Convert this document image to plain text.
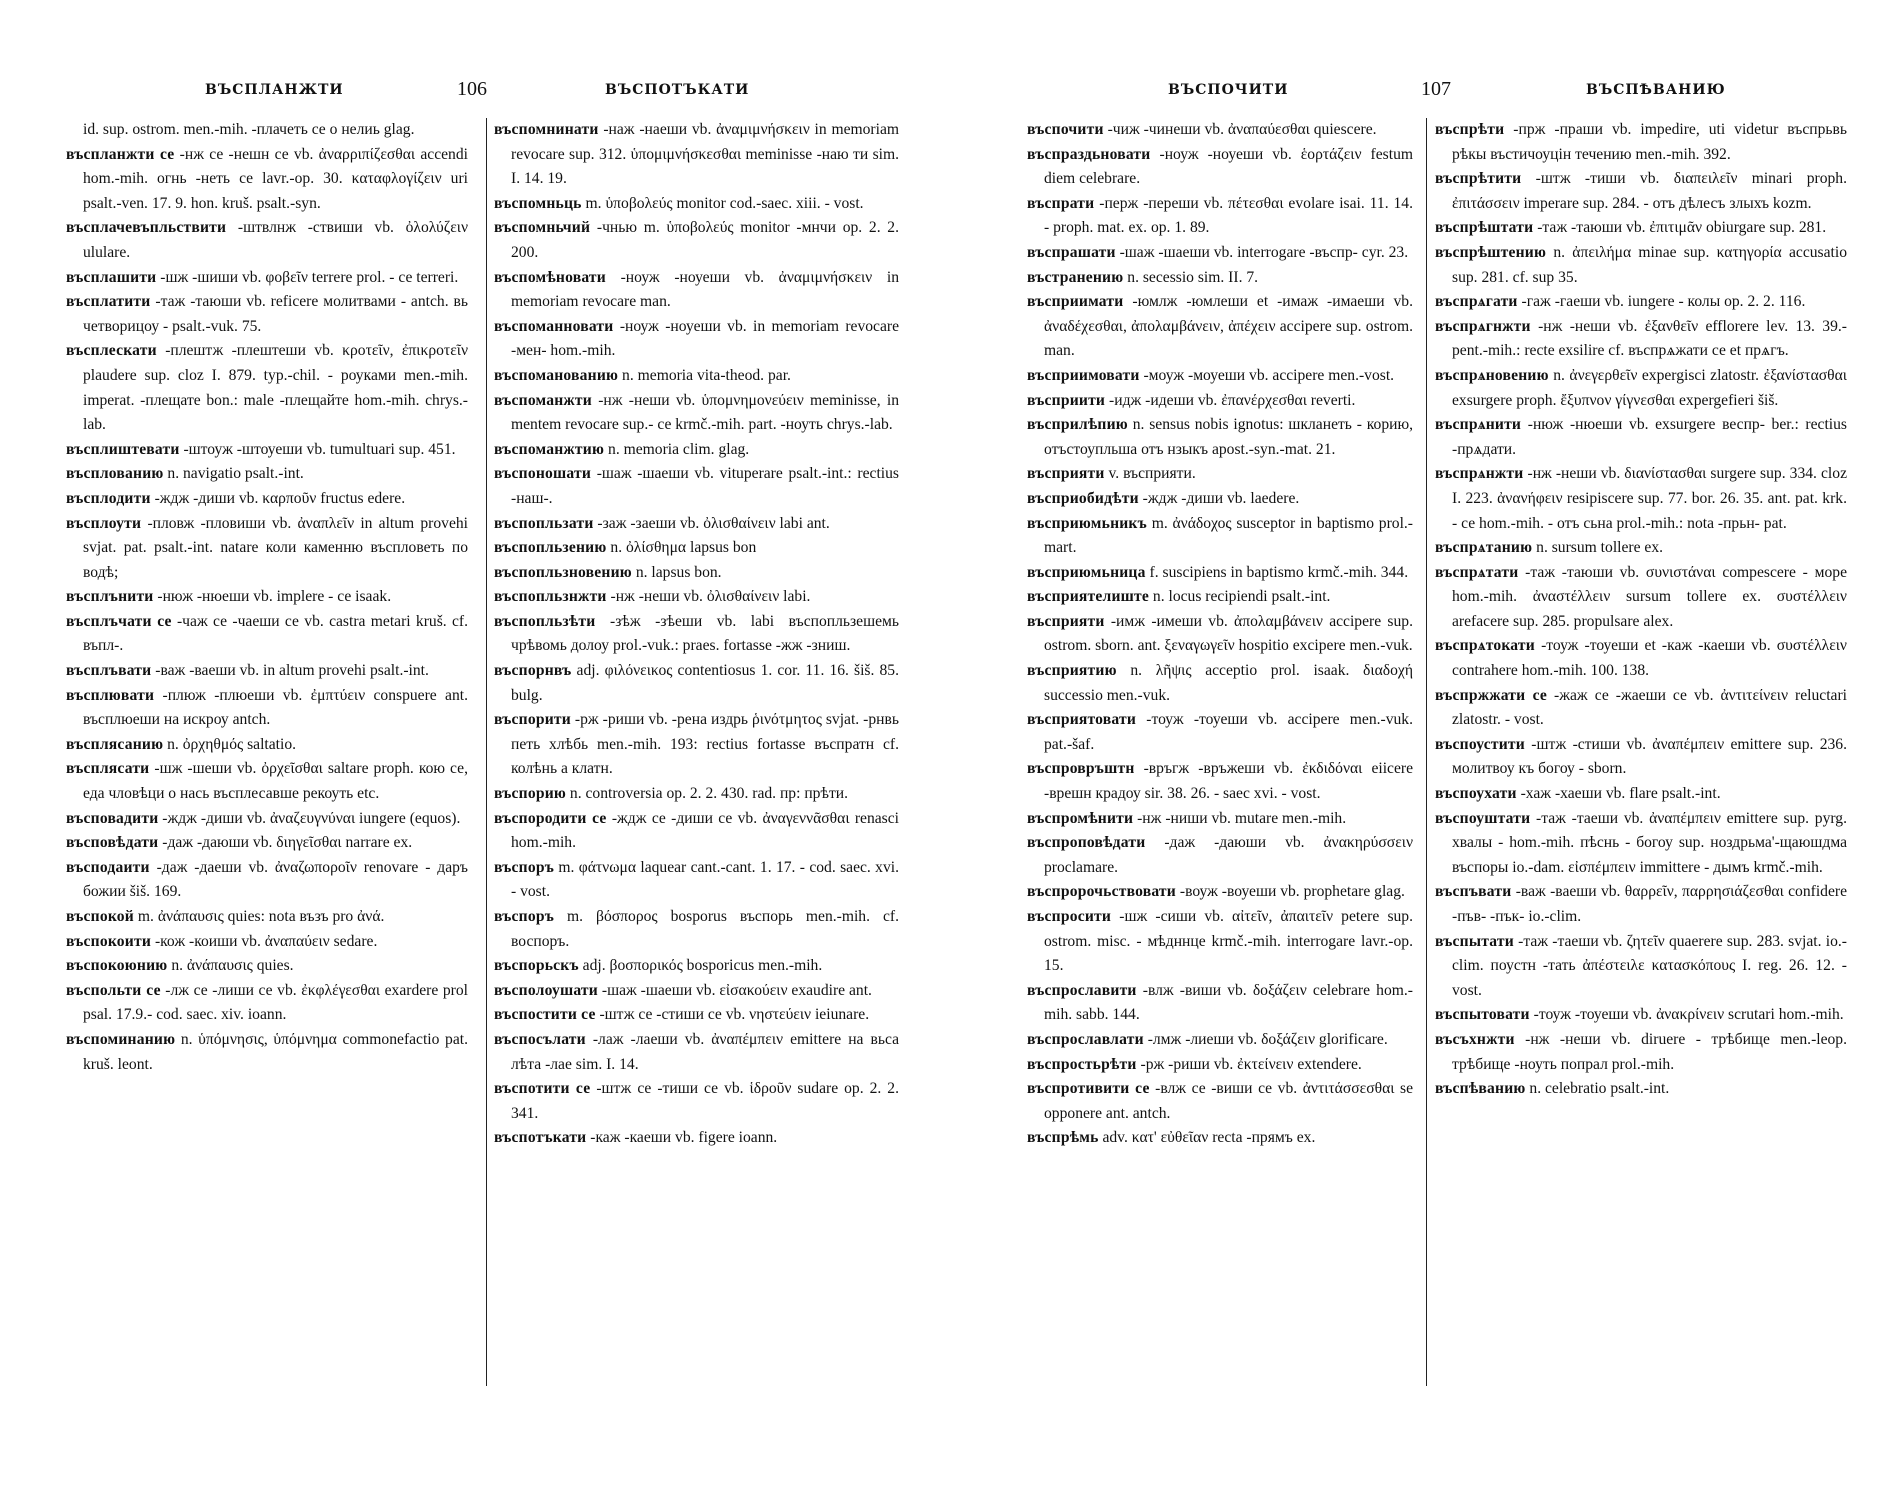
ВЪСПЛАНЖТИ	106	ВЪСПОТЪКАТИ

id. sup. ostrom. men.-mih. -плачеть се о нелиь glag.

въспланжти се -нж се -нешн се vb. ἀναρριπίζεσθαι accendi hom.-mih. огнь -неть се lavr.-op. 30. καταφλογίζειν uri psalt.-ven. 17. 9. hon. kruš. psalt.-syn.

въсплачевъпльствити -штвлнж -ствиши vb. ὀλολύζειν ululare.

въсплашити -шж -шиши vb. φοβεῖν terrere prol. - се terreri.

въсплатити -таж -таюши vb. reficere молитвами - antch. вь четворицоу - psalt.-vuk. 75.

въсплескати -плештж -плештеши vb. κροτεῖν, ἐπικροτεῖν plaudere sup. cloz I. 879. typ.-chil. - роуками men.-mih. imperat. -плещате bon.: male -плещайте hom.-mih. chrys.-lab.

въсплиштевати -штоуж -штоуеши vb. tumultuari sup. 451.

въсплованию n. navigatio psalt.-int.

въсплодити -ждж -диши vb. καρποῦν fructus edere.

въсплоути -пловж -пловиши vb. ἀναπλεῖν in altum provehi svjat. pat. psalt.-int. natare коли каменню въспловеть по водѣ;

въсплънити -нюж -нюеши vb. implere - се isaak.

въсплъчати се -чаж се -чаеши се vb. castra metari kruš. cf. въпл-.

въсплъвати -важ -ваеши vb. in altum provehi psalt.-int.

въсплювати -плюж -плюеши vb. ἐμπτύειν conspuere ant. въсплюеши на искроу antch.

въсплясанию n. ὀρχηθμός saltatio.

въсплясати -шж -шеши vb. ὀρχεῖσθαι saltare proph. кою се, еда чловѣци о нась въсплесавше рекоуть etc.

въсповадити -ждж -диши vb. ἀναζευγνύναι iungere (equos).

въсповѣдати -даж -даюши vb. διηγεῖσθαι narrare ex.

въсподаити -даж -даеши vb. ἀναζωποροῖν renovare - даръ божии šiš. 169.

въспокой m. ἀνάπαυσις quies: nota възъ pro ἀνά.

въспокоити -кож -коиши vb. ἀναπαύειν sedare.

въспокоюнию n. ἀνάπαυσις quies.

въспольти се -лж се -лиши се vb. ἐκφλέγεσθαι exardere prol psal. 17.9.- cod. saec. xiv. ioann.

въспоминанию n. ὑπόμνησις, ὑπόμνημα commonefactio pat. kruš. leont.

въспомнинати -наж -наеши vb. ἀναμιμνήσκειν in memoriam revocare sup. 312. ὑπομιμνήσκεσθαι meminisse -наю ти sim. I. 14. 19.

въспомньць m. ὑποβολεύς monitor cod.-saec. xiii. - vost.

въспомньчий -чнью m. ὑποβολεύς monitor -мнчи op. 2. 2. 200.

въспомѣновати -ноуж -ноуеши vb. ἀναμιμνήσκειν in memoriam revocare man.

въспоманновати -ноуж -ноуеши vb. in memoriam revocare -мен- hom.-mih.

въспоманованию n. memoria vita-theod. par.

въспоманжти -нж -неши vb. ὑπομνημονεύειν meminisse, in mentem revocare sup.- се krmč.-mih. part. -ноуть chrys.-lab.

въспоманжтию n. memoria clim. glag.

въспоношати -шаж -шаеши vb. vituperare psalt.-int.: rectius -наш-.

въспопльзати -заж -заеши vb. ὀλισθαίνειν labi ant.

въспопльзению n. ὀλίσθημα lapsus bon

въспопльзновению n. lapsus bon.

въспопльзнжти -нж -неши vb. ὀλισθαίνειν labi.

въспопльзѣти -зѣж -зѣеши vb. labi въспопльзешемь чрѣвомь долоу prol.-vuk.: praes. fortasse -жж -зниш.

въспорнвъ adj. φιλόνεικος contentiosus 1. cor. 11. 16. šiš. 85. bulg.

въспорити -рж -риши vb. -рена издрь ῥινότμητος svjat. -рнвь петь хлѣбь men.-mih. 193: rectius fortasse въспратн cf. колѣнь а клатн.

въспорию n. controversia op. 2. 2. 430. rad. пр: прѣти.

въспородити се -ждж се -диши се vb. ἀναγεννᾶσθαι renasci hom.-mih.

въспоръ m. φάτνωμα laquear cant.-cant. 1. 17. - cod. saec. xvi. - vost.

въспоръ m. βόσπορος bosporus въспорь men.-mih. cf. воспоръ.

въспорьскъ adj. βοσπορικός bosporicus men.-mih.

въсполоушати -шаж -шаеши vb. εἰσακούειν exaudire ant.

въспостити се -штж се -стиши се vb. νηστεύειν ieiunare.

въспосълати -лаж -лаеши vb. ἀναπέμπειν emittere на вьса лѣта -лае sim. I. 14.

въспотити се -штж се -тиши се vb. ἱδροῦν sudare op. 2. 2. 341.

въспотъкати -каж -каеши vb. figere ioann.

ВЪСПОЧИТИ	107	ВЪСПѢВАНИЮ

въспочити -чиж -чинеши vb. ἀναπαύεσθαι quiescere.

въспраздьновати -ноуж -ноуеши vb. ἑορτάζειν festum diem celebrare.

въспрати -перж -переши vb. πέτεσθαι evolare isai. 11. 14. - proph. mat. ex. op. 1. 89.

въспрашати -шаж -шаеши vb. interrogare -въспр- cyr. 23.

въстранению n. secessio sim. II. 7.

въсприимати -юмлж -юмлеши et -имаж -имаеши vb. ἀναδέχεσθαι, ἀπολαμβάνειν, ἀπέχειν accipere sup. ostrom. man.

въсприимовати -моуж -моуеши vb. accipere men.-vost.

въсприити -идж -идеши vb. ἐπανέρχεσθαι reverti.

въсприлѣпию n. sensus nobis ignotus: шкланеть - корию, отъстоупльша отъ нзыкъ apost.-syn.-mat. 21.

въсприяти v. въсприяти.

въсприобидѣти -ждж -диши vb. laedere.

въсприюмьникъ m. ἀνάδοχος susceptor in baptismo prol.-mart.

въсприюмьница f. suscipiens in baptismo krmč.-mih. 344.

въсприятелиште n. locus recipiendi psalt.-int.

въсприяти -имж -имеши vb. ἀπολαμβάνειν accipere sup. ostrom. sborn. ant. ξεναγωγεῖν hospitio excipere men.-vuk.

въсприятию n. λῆψις acceptio prol. isaak. διαδοχή successio men.-vuk.

въсприятовати -тоуж -тоуеши vb. accipere men.-vuk. pat.-šaf.

въспровръштн -връгж -връжеши vb. ἐκδιδόναι eiicere -врешн крадоу sir. 38. 26. - saec xvi. - vost.

въспромѣнити -нж -ниши vb. mutare men.-mih.

въспроповѣдати -даж -даюши vb. ἀνακηρύσσειν proclamare.

въспророчьствовати -воуж -воуеши vb. prophetare glag.

въспросити -шж -сиши vb. αἰτεῖν, ἀπαιτεῖν petere sup. ostrom. misc. - мѣдннце krmč.-mih. interrogare lavr.-op. 15.

въспрославити -влж -виши vb. δοξάζειν celebrare hom.-mih. sabb. 144.

въспрославлати -лмж -лиеши vb. δοξάζειν glorificare.

въспростьрѣти -рж -риши vb. ἐκτείνειν extendere.

въспротивити се -влж се -виши се vb. ἀντιτάσσεσθαι se opponere ant. antch.

въспрѣмь adv. κατ' εὐθεῖαν recta -прямъ ex.

въспрѣти -прж -праши vb. impedire, uti videtur въспрьвь рѣкы въстичоуцін течению men.-mih. 392.

въспрѣтити -штж -тиши vb. διαπειλεῖν minari proph. ἐπιτάσσειν imperare sup. 284. - отъ дѣлесъ злыхъ kozm.

въспрѣштати -таж -таюши vb. ἐπιτιμᾶν obiurgare sup. 281.

въспрѣштению n. ἀπειλήμα minae sup. κατηγορία accusatio sup. 281. cf. sup 35.

въспрѧгати -гаж -гаеши vb. iungere - колы op. 2. 2. 116.

въспрѧгнжти -нж -неши vb. ἐξανθεῖν efflorere lev. 13. 39.- pent.-mih.: recte exsilire cf. въспрѧжати се et прѧгъ.

въспрѧновению n. ἀνεγερθεῖν expergisci zlatostr. ἐξανίστασθαι exsurgere proph. ἔξυπνον γίγνεσθαι expergefieri šiš.

въспрѧнити -нюж -нюеши vb. exsurgere веспр- ber.: rectius -прѧдати.

въспрѧнжти -нж -неши vb. διανίστασθαι surgere sup. 334. cloz I. 223. ἀνανήφειν resipiscere sup. 77. bor. 26. 35. ant. pat. krk. - се hom.-mih. - отъ сьна prol.-mih.: nota -прьн- pat.

въспрѧтанию n. sursum tollere ex.

въспрѧтати -таж -таюши vb. συνιστάναι compescere - море hom.-mih. ἀναστέλλειν sursum tollere ex. συστέλλειν arefacere sup. 285. propulsare alex.

въспрѧтокати -тоуж -тоуеши et -каж -каеши vb. συστέλλειν contrahere hom.-mih. 100. 138.

въспржжати се -жаж се -жаеши се vb. ἀντιτείνειν reluctari zlatostr. - vost.

въспоустити -штж -стиши vb. ἀναπέμπειν emittere sup. 236. молитвоу къ богоу - sborn.

въспоухати -хаж -хаеши vb. flare psalt.-int.

въспоуштати -таж -таеши vb. ἀναπέμπειν emittere sup. pyrg. хвалы - hom.-mih. пѣснь - богоу sup. ноздрьма'-щаюшдма въспоры io.-dam. εἰσπέμπειν immittere - дымъ krmč.-mih.

въспъвати -важ -ваеши vb. θαρρεῖν, παρρησιάζεσθαι confidere -пъв- -пък- io.-clim.

въспытати -таж -таеши vb. ζητεῖν quaerere sup. 283. svjat. io.-clim. поустн -тать ἀπέστειλε κατασκόπους I. reg. 26. 12. - vost.

въспытовати -тоуж -тоуеши vb. ἀνακρίνειν scrutari hom.-mih.

въсъхнжти -нж -неши vb. diruere - трѣбище men.-leop. трѣбище -ноуть попрал prol.-mih.

въспѣванию n. celebratio psalt.-int.
